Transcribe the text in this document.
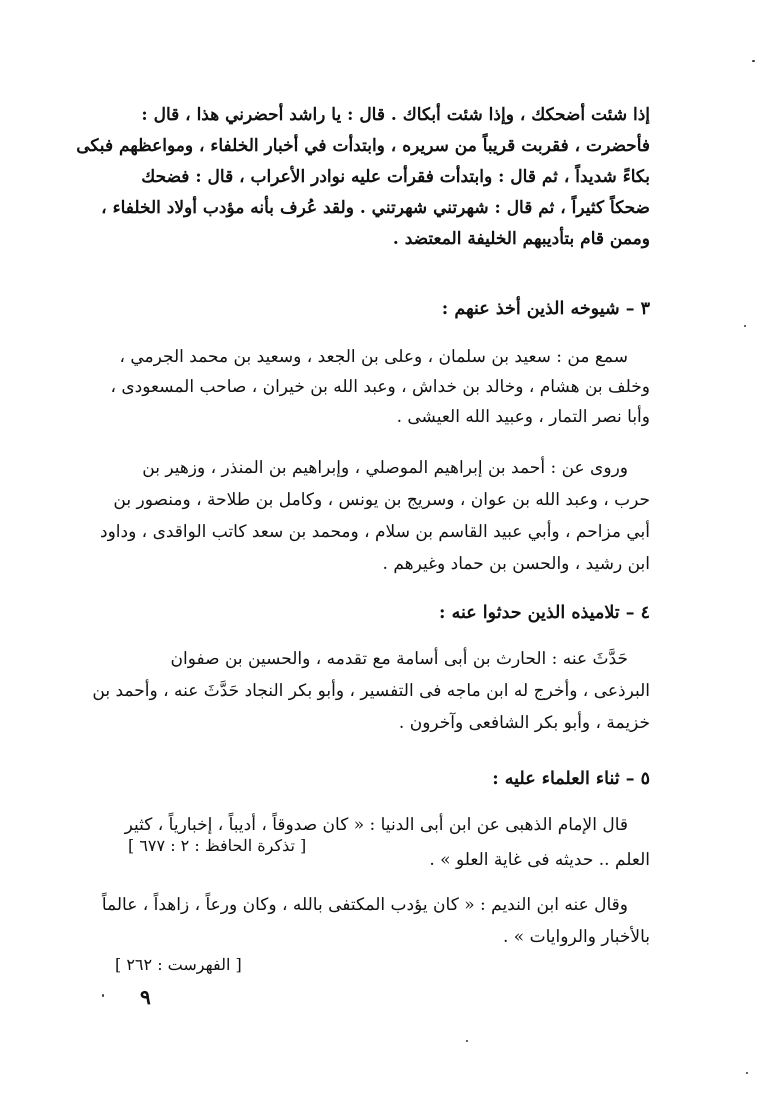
إذا شئت أضحكك ، وإذا شئت أبكاك . قال : يا راشد أحضرني هذا ، قال :
فأحضرت ، فقربت قريباً من سريره ، وابتدأت في أخبار الخلفاء ، ومواعظهم فبكى
بكاءً شديداً ، ثم قال : وابتدأت فقرأت عليه نوادر الأعراب ، قال : فضحك
ضحكاً كثيراً ، ثم قال : شهرتني شهرتني . ولقد عُرف بأنه مؤدب أولاد الخلفاء ،
وممن قام بتأديبهم الخليفة المعتضد .
٣ – شيوخه الذين أخذ عنهم :
سمع من : سعيد بن سلمان ، وعلى بن الجعد ، وسعيد بن محمد الجرمي ،
وخلف بن هشام ، وخالد بن خداش ، وعبد الله بن خيران ، صاحب المسعودى ،
وأبا نصر التمار ، وعبيد الله العيشى .
وروى عن : أحمد بن إبراهيم الموصلي ، وإبراهيم بن المنذر ، وزهير بن
حرب ، وعبد الله بن عوان ، وسريج بن يونس ، وكامل بن طلاحة ، ومنصور بن
أبي مزاحم ، وأبي عبيد القاسم بن سلام ، ومحمد بن سعد كاتب الواقدى ، وداود
ابن رشيد ، والحسن بن حماد وغيرهم .
٤ – تلاميذه الذين حدثوا عنه :
حَدَّثَ عنه : الحارث بن أبى أسامة مع تقدمه ، والحسين بن صفوان
البرذعى ، وأخرج له ابن ماجه فى التفسير ، وأبو بكر النجاد حَدَّثَ عنه ، وأحمد بن
خزيمة ، وأبو بكر الشافعى وآخرون .
٥ – ثناء العلماء عليه :
قال الإمام الذهبى عن ابن أبى الدنيا : « كان صدوقاً ، أديباً ، إخبارياً ، كثير
العلم .. حديثه فى غاية العلو » .
[ تذكرة الحافظ : ٢ : ٦٧٧ ]
وقال عنه ابن النديم : « كان يؤدب المكتفى بالله ، وكان ورعاً ، زاهداً ، عالماً
بالأخبار والروايات » .
[ الفهرست : ٢٦٢ ]
٩
